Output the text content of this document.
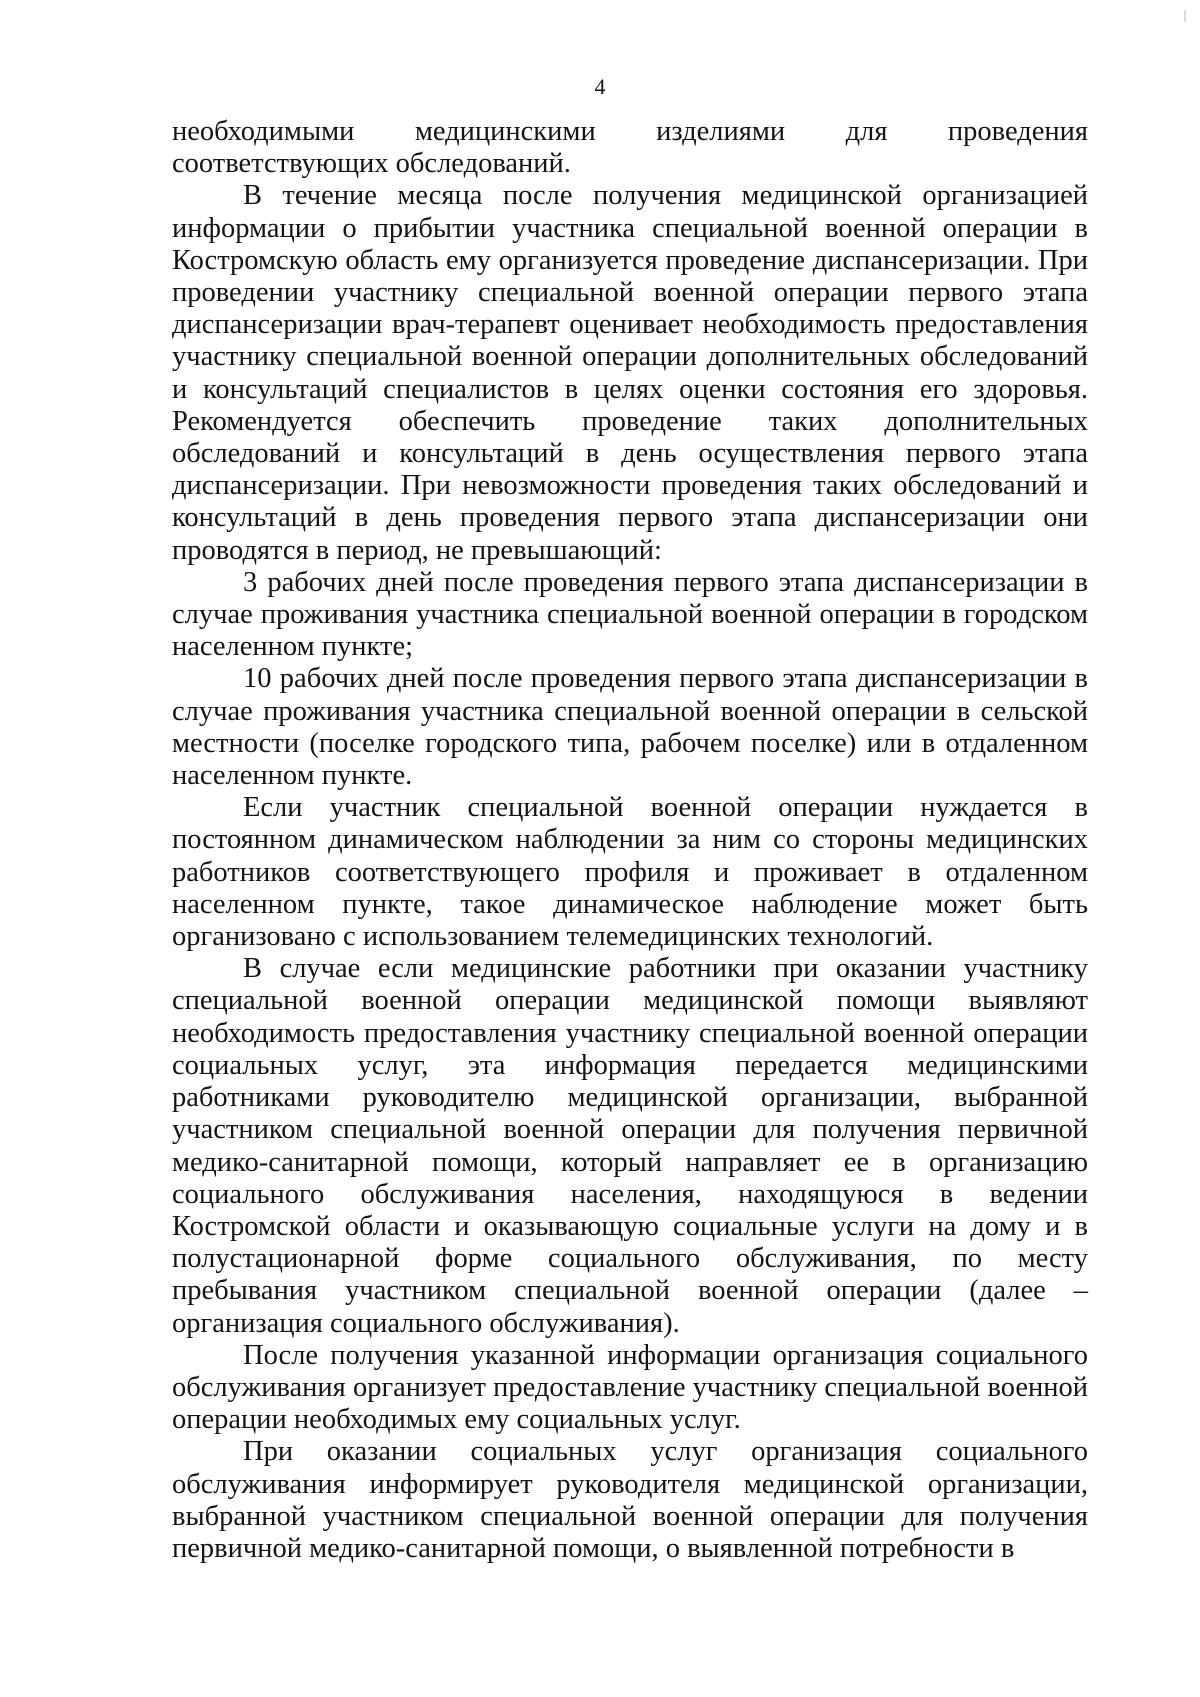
4

необходимыми медицинскими изделиями для проведения соответствующих обследований.

В течение месяца после получения медицинской организацией информации о прибытии участника специальной военной операции в Костромскую область ему организуется проведение диспансеризации. При проведении участнику специальной военной операции первого этапа диспансеризации врач-терапевт оценивает необходимость предоставления участнику специальной военной операции дополнительных обследований и консультаций специалистов в целях оценки состояния его здоровья. Рекомендуется обеспечить проведение таких дополнительных обследований и консультаций в день осуществления первого этапа диспансеризации. При невозможности проведения таких обследований и консультаций в день проведения первого этапа диспансеризации они проводятся в период, не превышающий:

3 рабочих дней после проведения первого этапа диспансеризации в случае проживания участника специальной военной операции в городском населенном пункте;

10 рабочих дней после проведения первого этапа диспансеризации в случае проживания участника специальной военной операции в сельской местности (поселке городского типа, рабочем поселке) или в отдаленном населенном пункте.

Если участник специальной военной операции нуждается в постоянном динамическом наблюдении за ним со стороны медицинских работников соответствующего профиля и проживает в отдаленном населенном пункте, такое динамическое наблюдение может быть организовано с использованием телемедицинских технологий.

В случае если медицинские работники при оказании участнику специальной военной операции медицинской помощи выявляют необходимость предоставления участнику специальной военной операции социальных услуг, эта информация передается медицинскими работниками руководителю медицинской организации, выбранной участником специальной военной операции для получения первичной медико-санитарной помощи, который направляет ее в организацию социального обслуживания населения, находящуюся в ведении Костромской области и оказывающую социальные услуги на дому и в полустационарной форме социального обслуживания, по месту пребывания участником специальной военной операции (далее – организация социального обслуживания).

После получения указанной информации организация социального обслуживания организует предоставление участнику специальной военной операции необходимых ему социальных услуг.

При оказании социальных услуг организация социального обслуживания информирует руководителя медицинской организации, выбранной участником специальной военной операции для получения первичной медико-санитарной помощи, о выявленной потребности в
